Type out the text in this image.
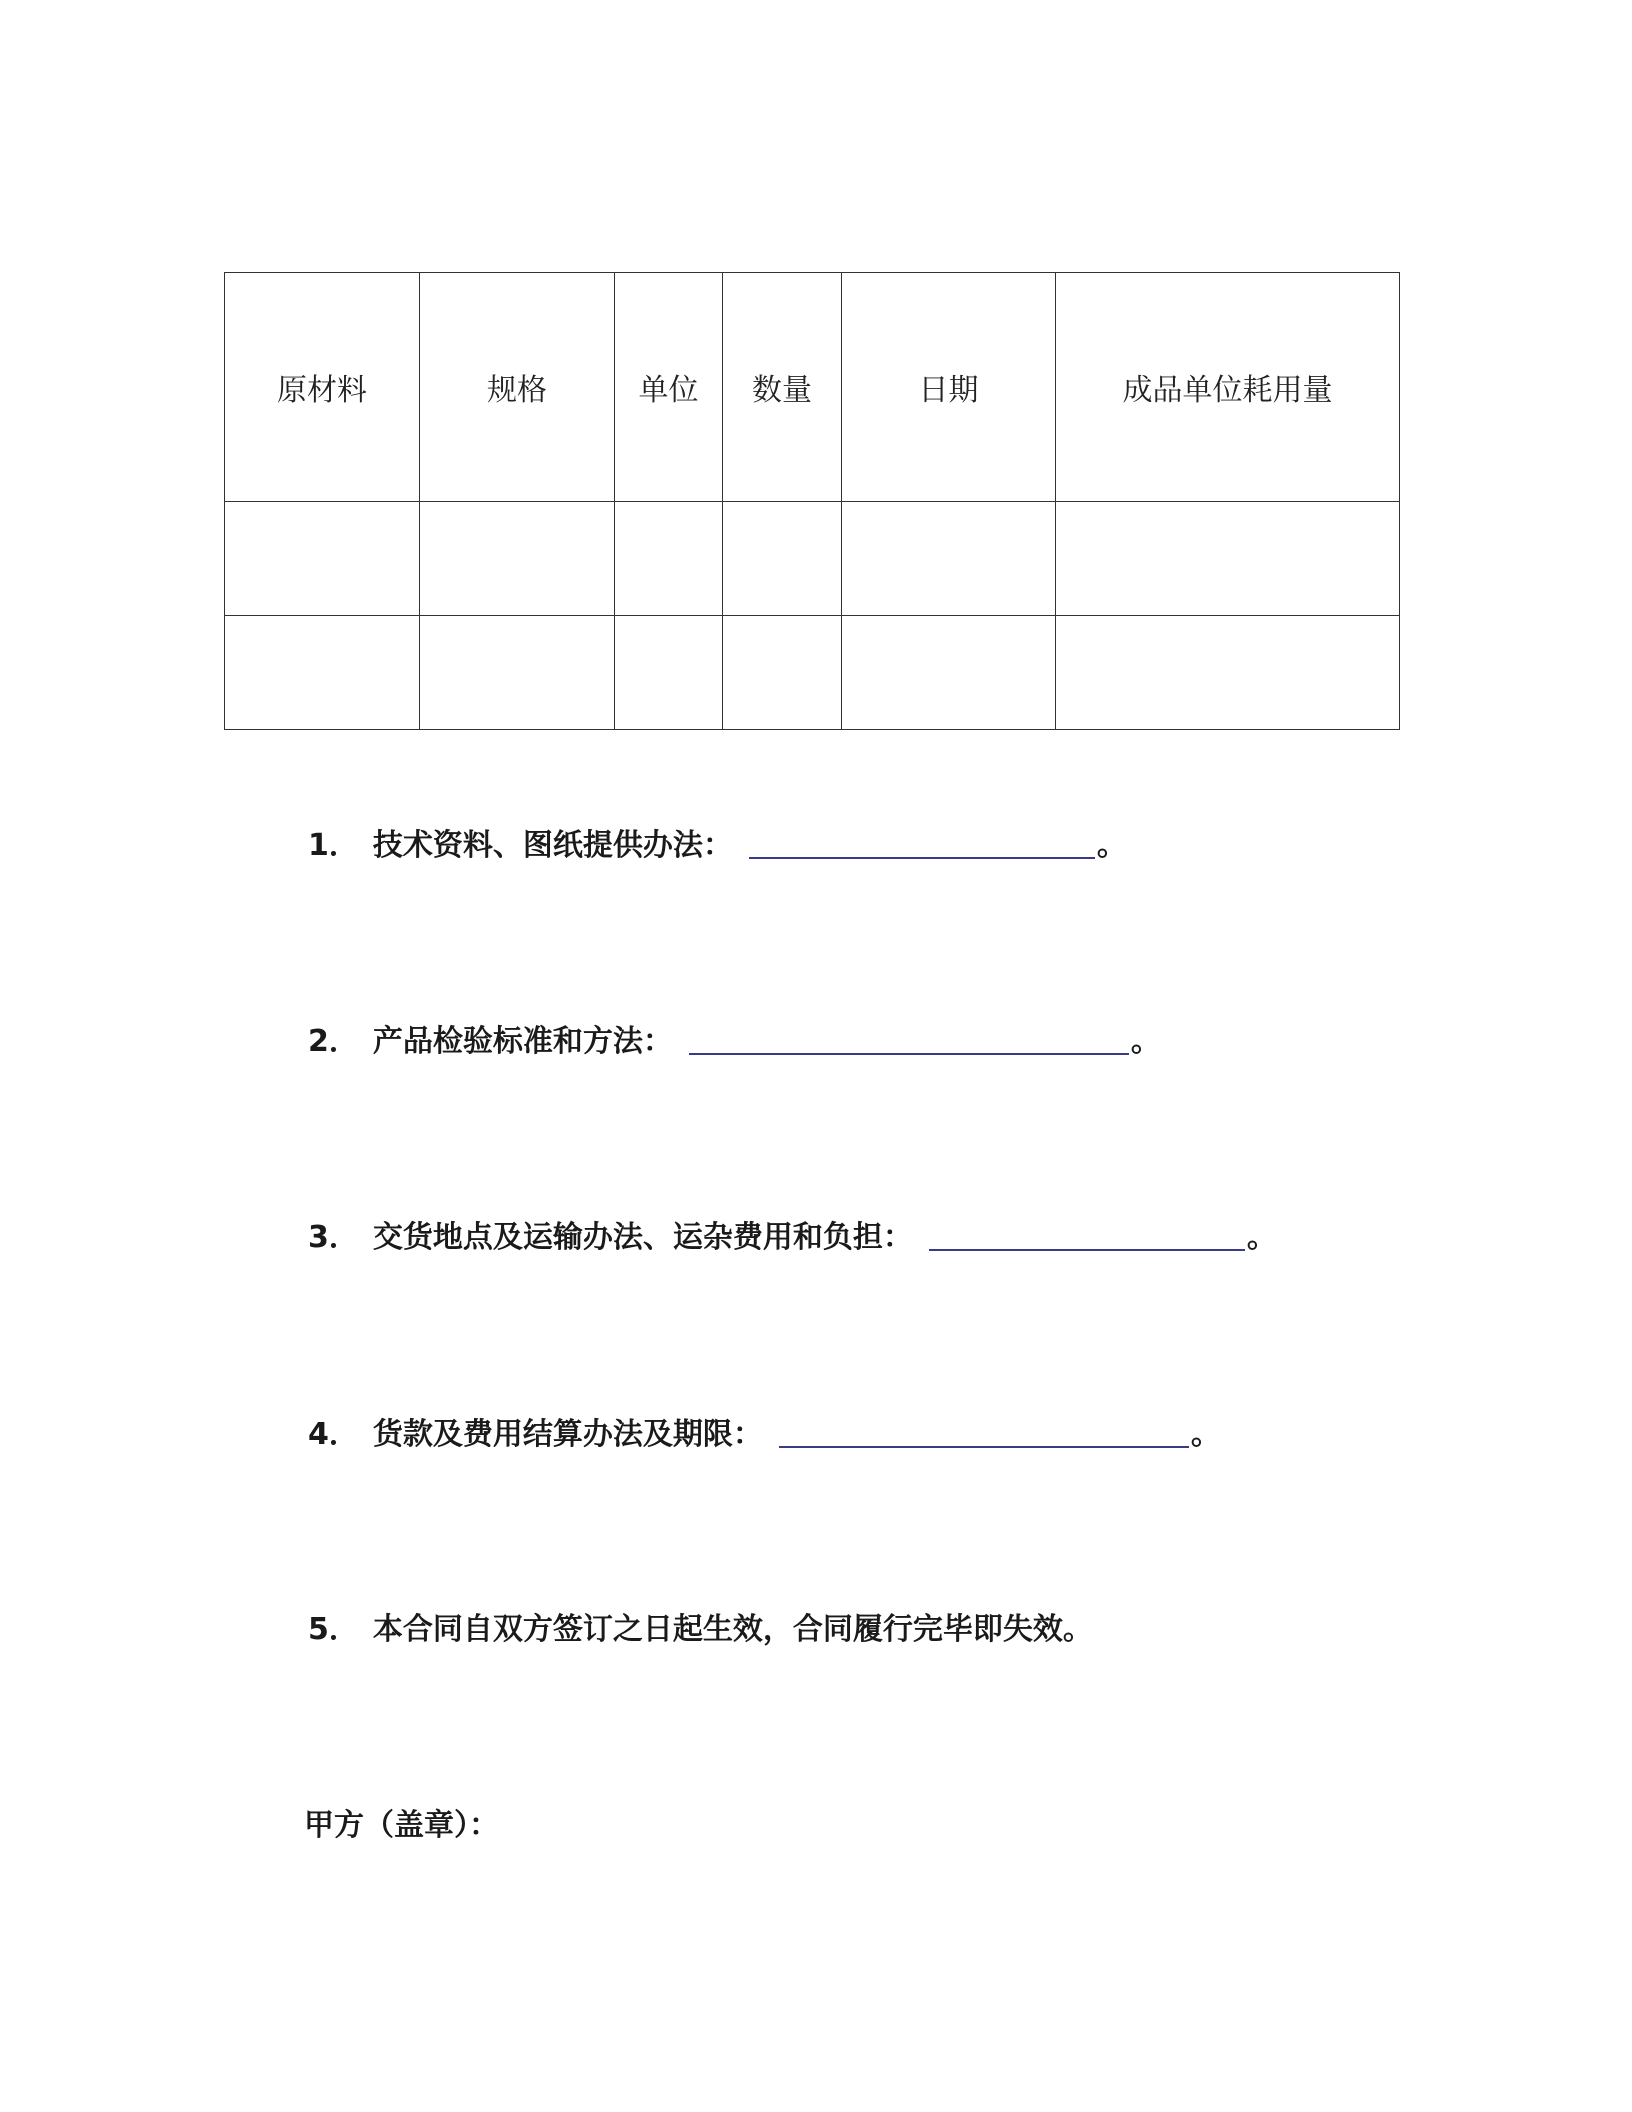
原材料	规格	单位	数量	日期	成品单位耗用量

1． 技术资料、图纸提供办法：	。
2． 产品检验标准和方法：	。
3． 交货地点及运输办法、运杂费用和负担：	。
4． 货款及费用结算办法及期限：	。
5． 本合同自双方签订之日起生效，合同履行完毕即失效。
甲方（盖章）：
